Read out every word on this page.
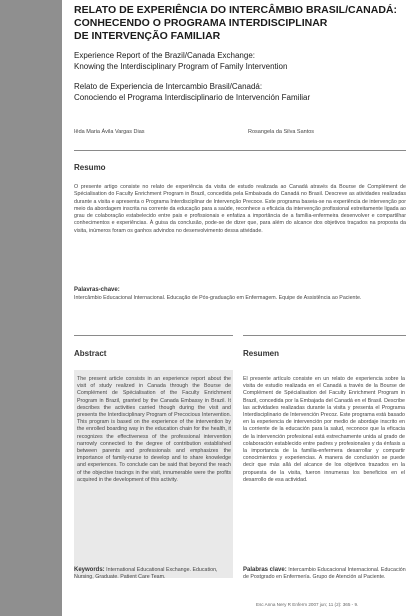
RELATO DE EXPERIÊNCIA DO INTERCÂMBIO BRASIL/CANADÁ:
CONHECENDO O PROGRAMA INTERDISCIPLINAR
DE INTERVENÇÃO FAMILIAR
Experience Report of the Brazil/Canada Exchange:
Knowing the Interdisciplinary Program of Family Intervention
Relato de Experiencia de Intercambio Brasil/Canadá:
Conociendo el Programa Interdisciplinario de Intervención Familiar
Iêda Maria Ávila Vargas Dias	Rosangela da Silva Santos
Resumo
O presente artigo consiste no relato de experiência da visita de estudo realizada ao Canadá através da Bourse de Complément de Spécialisation do Faculty Enrichment Program in Brazil, concedida pela Embaixada do Canadá no Brasil. Descreve as atividades realizadas durante a visita e apresenta o Programa Interdisciplinar de Intervenção Precoce. Este programa baseia-se na experiência de intervenção por meio da abordagem inscrita na corrente da educação para a saúde, reconhece a eficácia da intervenção profissional estreitamente ligada ao grau de colaboração estabelecido entre pais e profissionais e enfatiza a importância de a família-enfermeira desenvolver e compartilhar conhecimentos e experiências. À guisa da conclusão, pode-se de dizer que, para além do alcance dos objetivos traçados na proposta da visita, inúmeros foram os ganhos advindos no desenvolvimento dessa atividade.
Palavras-chave:
Intercâmbio Educacional Internacional. Educação de Pós-graduação em Enfermagem. Equipe de Assistência ao Paciente.
Abstract	Resumen
The present article consists in an experience report about the visit of study realized in Canada through the Bourse de Complément de Spécialisation of the Faculty Enrichment Program in Brazil, granted by the Canada Embassy in Brazil. It describes the activities carried though during the visit and presents the Interdisciplinary Program of Precocious Intervention. This program is based on the experience of the intervention by the enrolled boarding way in the education chain for the health, it recognizes the effectiveness of the professional intervention narrowly connected to the degree of contribution established between parents and professionals and emphasizes the importance of family-nurse to develop and to share knowledge and experiences. To conclude can be said that beyond the reach of the objective tracings in the visit, innumerable were the profits acquired in the development of this activity.
El presente artículo consiste en un relato de experiencia sobre la visita de estudio realizada en el Canadá a través de la Bourse de Complément de Spécialisation del Faculty Enrichment Program in Brazil, concedida por la Embajada del Canadá en el Brasil. Describe las actividades realizadas durante la visita y presenta el Programa Interdisciplinario de Intervención Precoz. Este programa está basado en la experiencia de intervención por medio de abordaje inscrito en la corriente de la educación para la salud, reconoce que la eficacia de la intervención profesional está estrechamente unida al grado de colaboración establecido entre padres y profesionales y da énfasis a la importancia de la familia-enfermera desarrollar y compartir conocimientos y experiencias. A manera de conclusión se puede decir que más allá del alcance de los objetivos trazados en la propuesta de la visita, fueron innumeras los beneficios en el desarrollo de esa actividad.
Keywords: International Educational Exchange. Education, Nursing, Graduate. Patient Care Team.
Palabras clave: Intercambio Educacional Internacional. Educación de Postgrado en Enfermería. Grupo de Atención al Paciente.
Esc Anna Nery R Enferm 2007 jun; 11 (2): 365 - 9.
